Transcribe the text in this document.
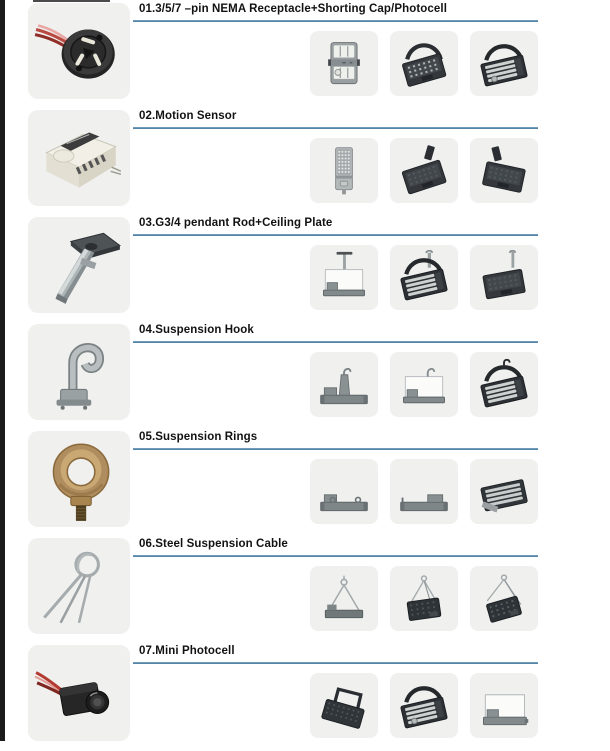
01.3/5/7 –pin NEMA Receptacle+Shorting Cap/Photocell
02.Motion Sensor
03.G3/4 pendant Rod+Ceiling Plate
04.Suspension Hook
05.Suspension Rings
06.Steel Suspension Cable
07.Mini Photocell
